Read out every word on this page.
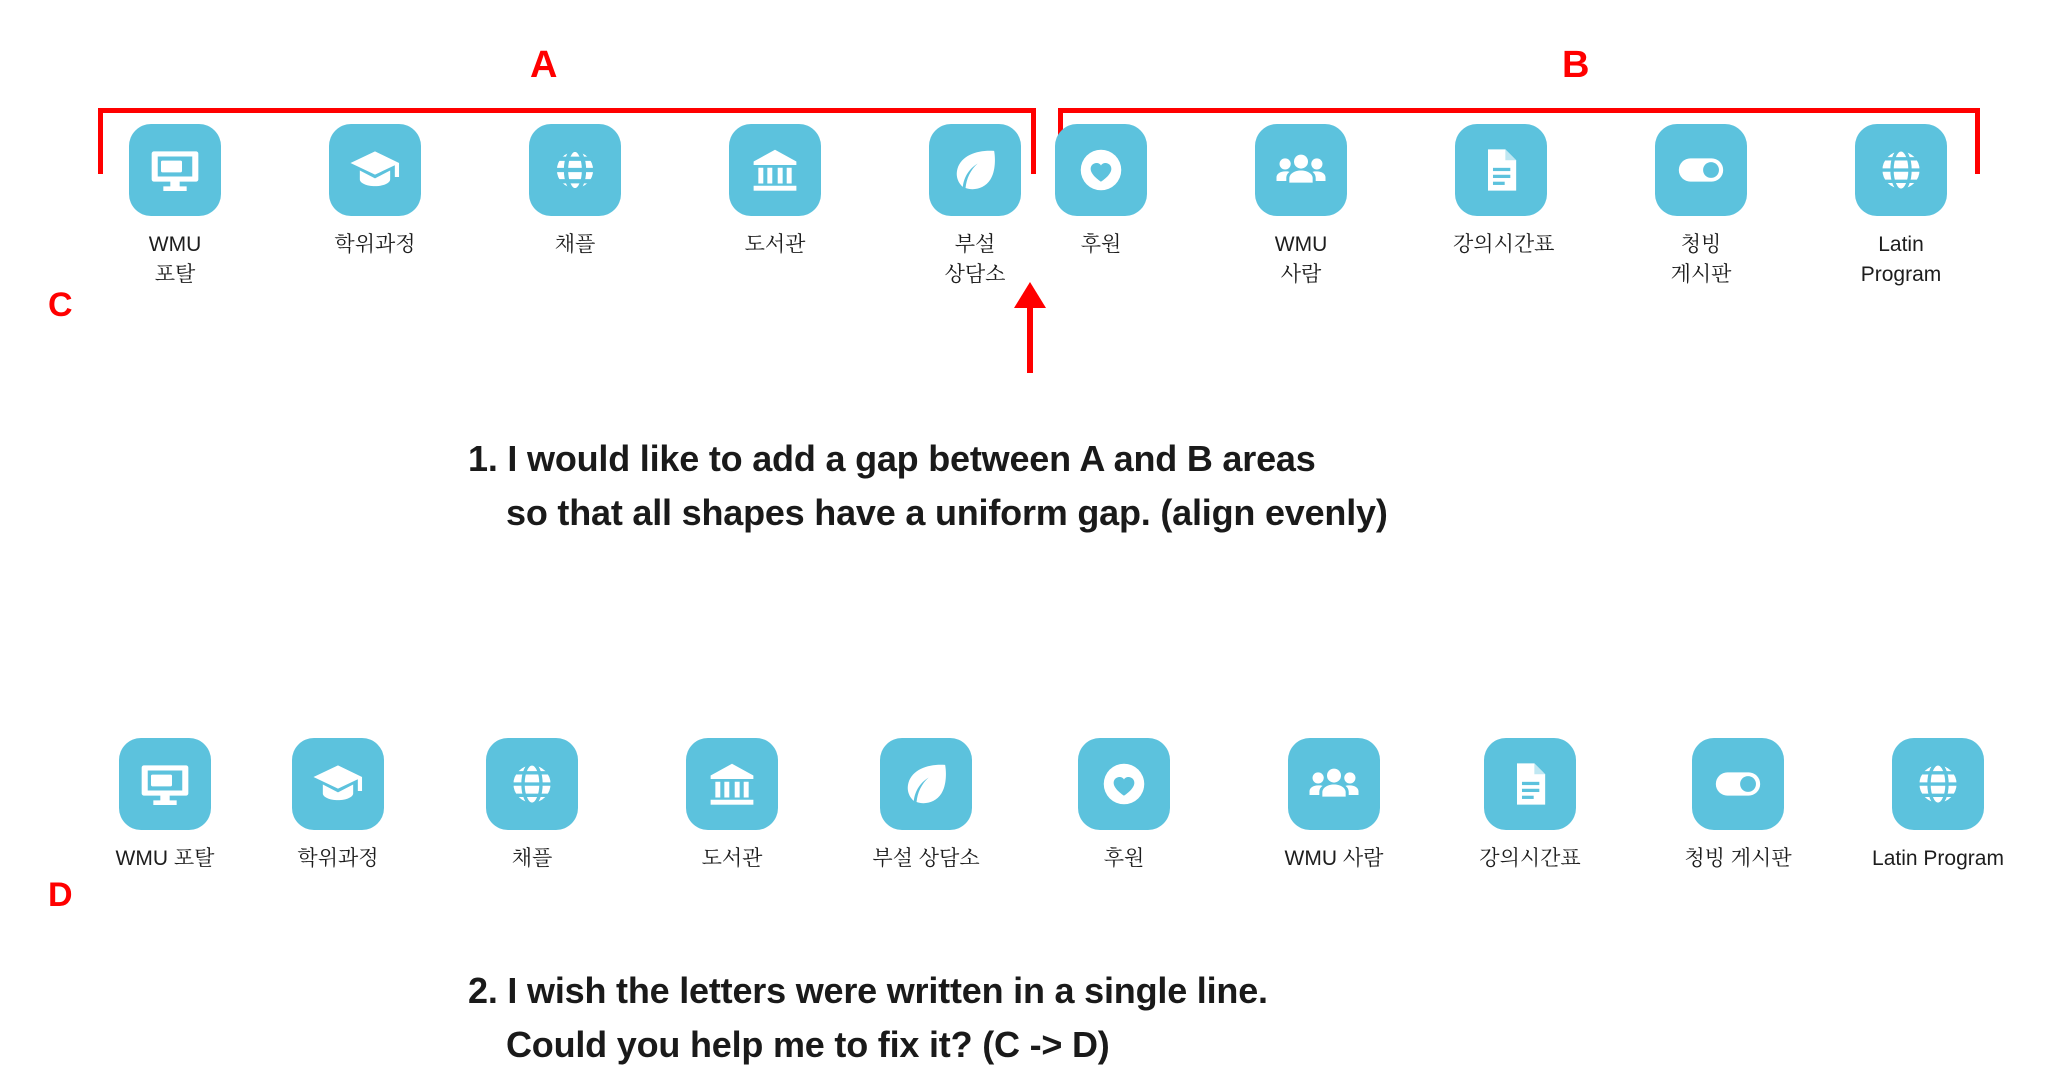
A	B
C
D
WMU 포탈
학위과정	채플	도서관	부설 상담소
후원	WMU 사람
강의시간표	청빙 게시판
Latin Program
1. I would like to add a gap between A and B areas
so that all shapes have a uniform gap. (align evenly)
WMU 포탈	학위과정	채플	도서관	부설 상담소	후원	WMU 사람	강의시간표	청빙 게시판	Latin Program
2. I wish the letters were written in a single line.
Could you help me to fix it? (C -> D)
